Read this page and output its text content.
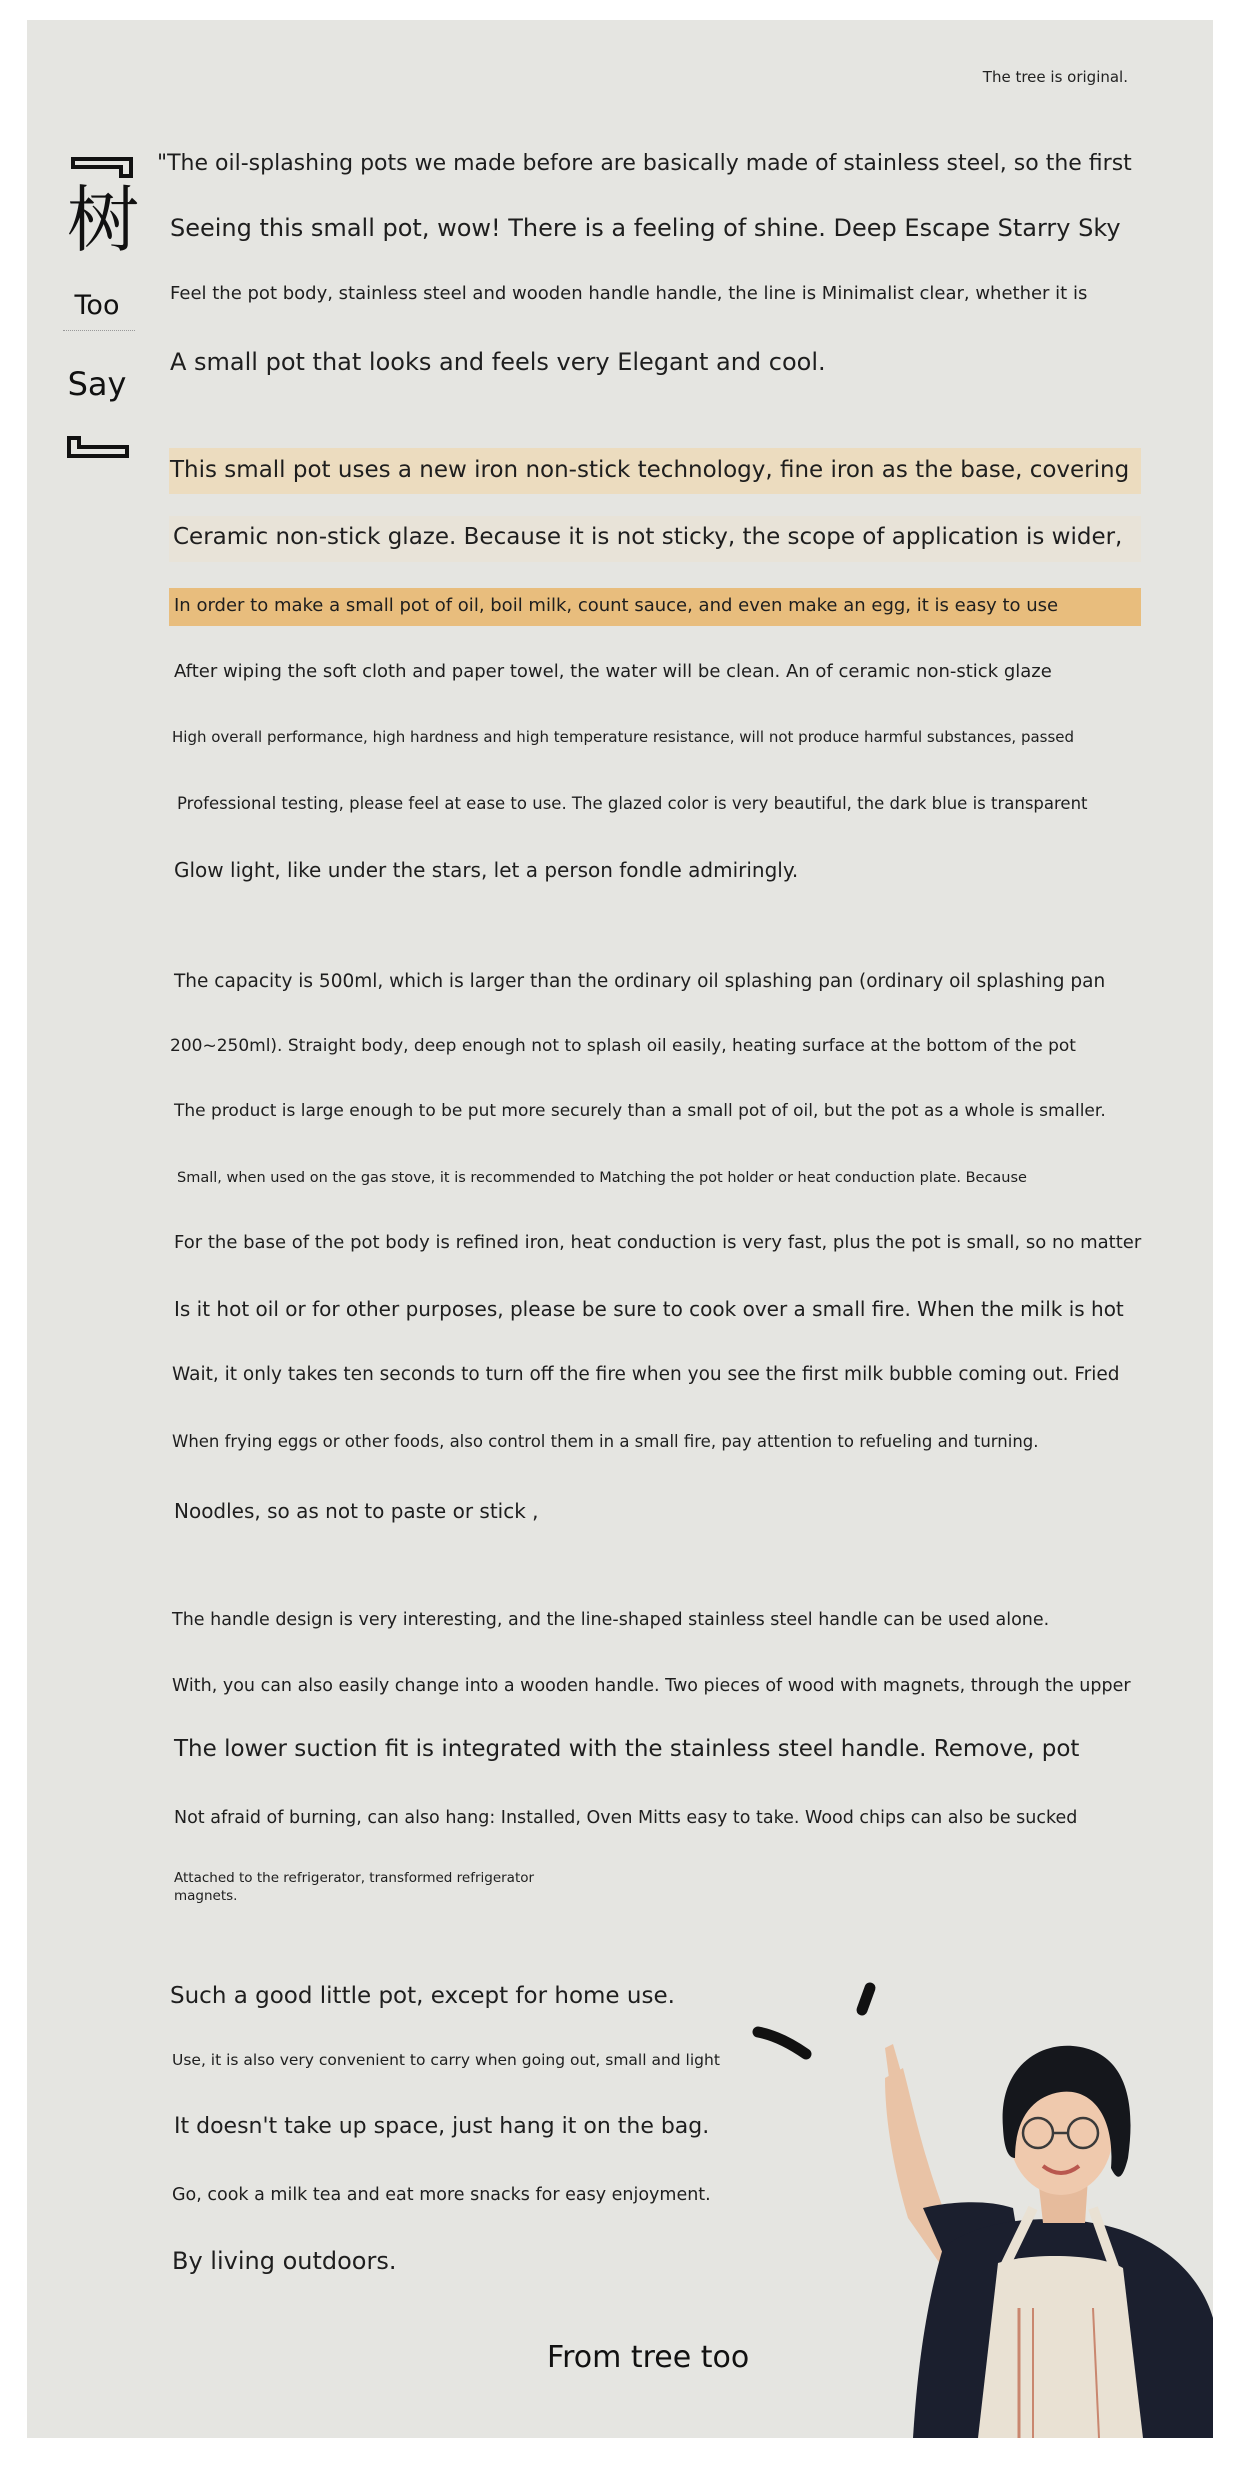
The tree is original.
树
Too
Say
"The oil-splashing pots we made before are basically made of stainless steel, so the first
Seeing this small pot, wow! There is a feeling of shine. Deep Escape Starry Sky
Feel the pot body, stainless steel and wooden handle handle, the line is Minimalist clear, whether it is
A small pot that looks and feels very Elegant and cool.
This small pot uses a new iron non-stick technology, fine iron as the base, covering
Ceramic non-stick glaze. Because it is not sticky, the scope of application is wider,
In order to make a small pot of oil, boil milk, count sauce, and even make an egg, it is easy to use
After wiping the soft cloth and paper towel, the water will be clean. An of ceramic non-stick glaze
High overall performance, high hardness and high temperature resistance, will not produce harmful substances, passed
Professional testing, please feel at ease to use. The glazed color is very beautiful, the dark blue is transparent
Glow light, like under the stars, let a person fondle admiringly.
The capacity is 500ml, which is larger than the ordinary oil splashing pan (ordinary oil splashing pan
200~250ml). Straight body, deep enough not to splash oil easily, heating surface at the bottom of the pot
The product is large enough to be put more securely than a small pot of oil, but the pot as a whole is smaller.
Small, when used on the gas stove, it is recommended to Matching the pot holder or heat conduction plate. Because
For the base of the pot body is refined iron, heat conduction is very fast, plus the pot is small, so no matter
Is it hot oil or for other purposes, please be sure to cook over a small fire. When the milk is hot
Wait, it only takes ten seconds to turn off the fire when you see the first milk bubble coming out. Fried
When frying eggs or other foods, also control them in a small fire, pay attention to refueling and turning.
Noodles, so as not to paste or stick ,
The handle design is very interesting, and the line-shaped stainless steel handle can be used alone.
With, you can also easily change into a wooden handle. Two pieces of wood with magnets, through the upper
The lower suction fit is integrated with the stainless steel handle. Remove, pot
Not afraid of burning, can also hang: Installed, Oven Mitts easy to take. Wood chips can also be sucked
Attached to the refrigerator, transformed refrigerator
magnets.
Such a good little pot, except for home use.
Use, it is also very convenient to carry when going out, small and light
It doesn't take up space, just hang it on the bag.
Go, cook a milk tea and eat more snacks for easy enjoyment.
By living outdoors.
From tree too
